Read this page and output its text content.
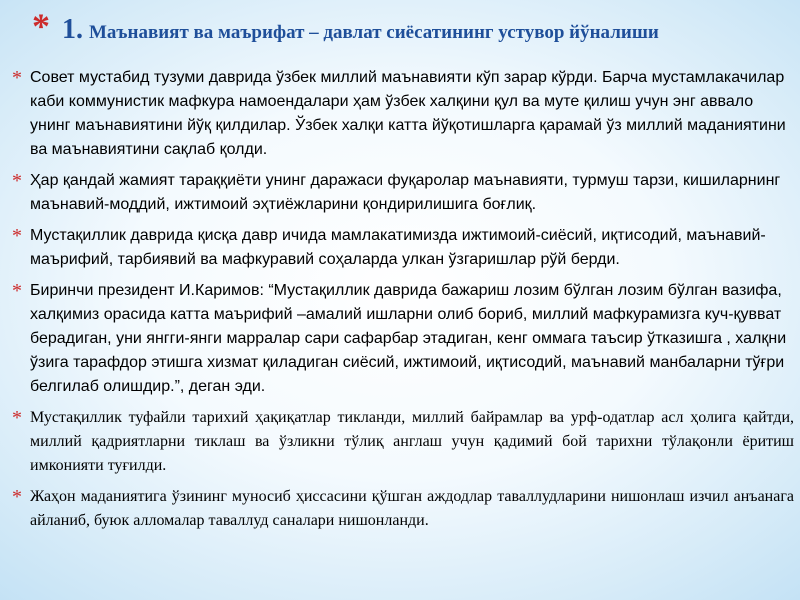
* 1. Маънавият ва маърифат – давлат сиёсатининг устувор йўналиши
* Совет мустабид тузуми даврида ўзбек миллий маънавияти кўп зарар кўрди. Барча мустамлакачилар каби коммунистик мафкура намоендалари ҳам ўзбек халқини қул ва муте қилиш учун энг аввало унинг маънавиятини йўқ қилдилар. Ўзбек халқи катта йўқотишларга қарамай ўз миллий маданиятини ва маънавиятини сақлаб қолди.
* Ҳар қандай жамият тараққиёти унинг даражаси фуқаролар маънавияти, турмуш тарзи, кишиларнинг маънавий-моддий, ижтимоий эҳтиёжларини қондирилишига боғлиқ.
* Мустақиллик даврида қисқа давр ичида мамлакатимизда ижтимоий-сиёсий, иқтисодий, маънавий-маърифий, тарбиявий ва мафкуравий соҳаларда улкан ўзгаришлар рўй берди.
* Биринчи президент И.Каримов: “Мустақиллик даврида бажариш лозим бўлган лозим бўлган вазифа, халқимиз орасида катта маърифий –амалий ишларни олиб бориб, миллий мафкурамизга куч-қувват берадиган, уни янгги-янги марралар сари сафарбар этадиган, кенг оммага таъсир ўтказишга , халқни ўзига тарафдор этишга хизмат қиладиган сиёсий, ижтимоий, иқтисодий, маънавий манбаларни тўғри белгилаб олишдир.”, деган эди.
* Мустақиллик туфайли тарихий ҳақиқатлар тикланди, миллий байрамлар ва урф-одатлар асл ҳолига қайтди, миллий қадриятларни тиклаш ва ўзликни тўлиқ англаш учун қадимий бой тарихни тўлақонли ёритиш имконияти туғилди.
* Жаҳон маданиятига ўзининг муносиб ҳиссасини қўшган аждодлар таваллудларини нишонлаш изчил анъанага айланиб, буюк алломалар таваллуд саналари нишонланди.
